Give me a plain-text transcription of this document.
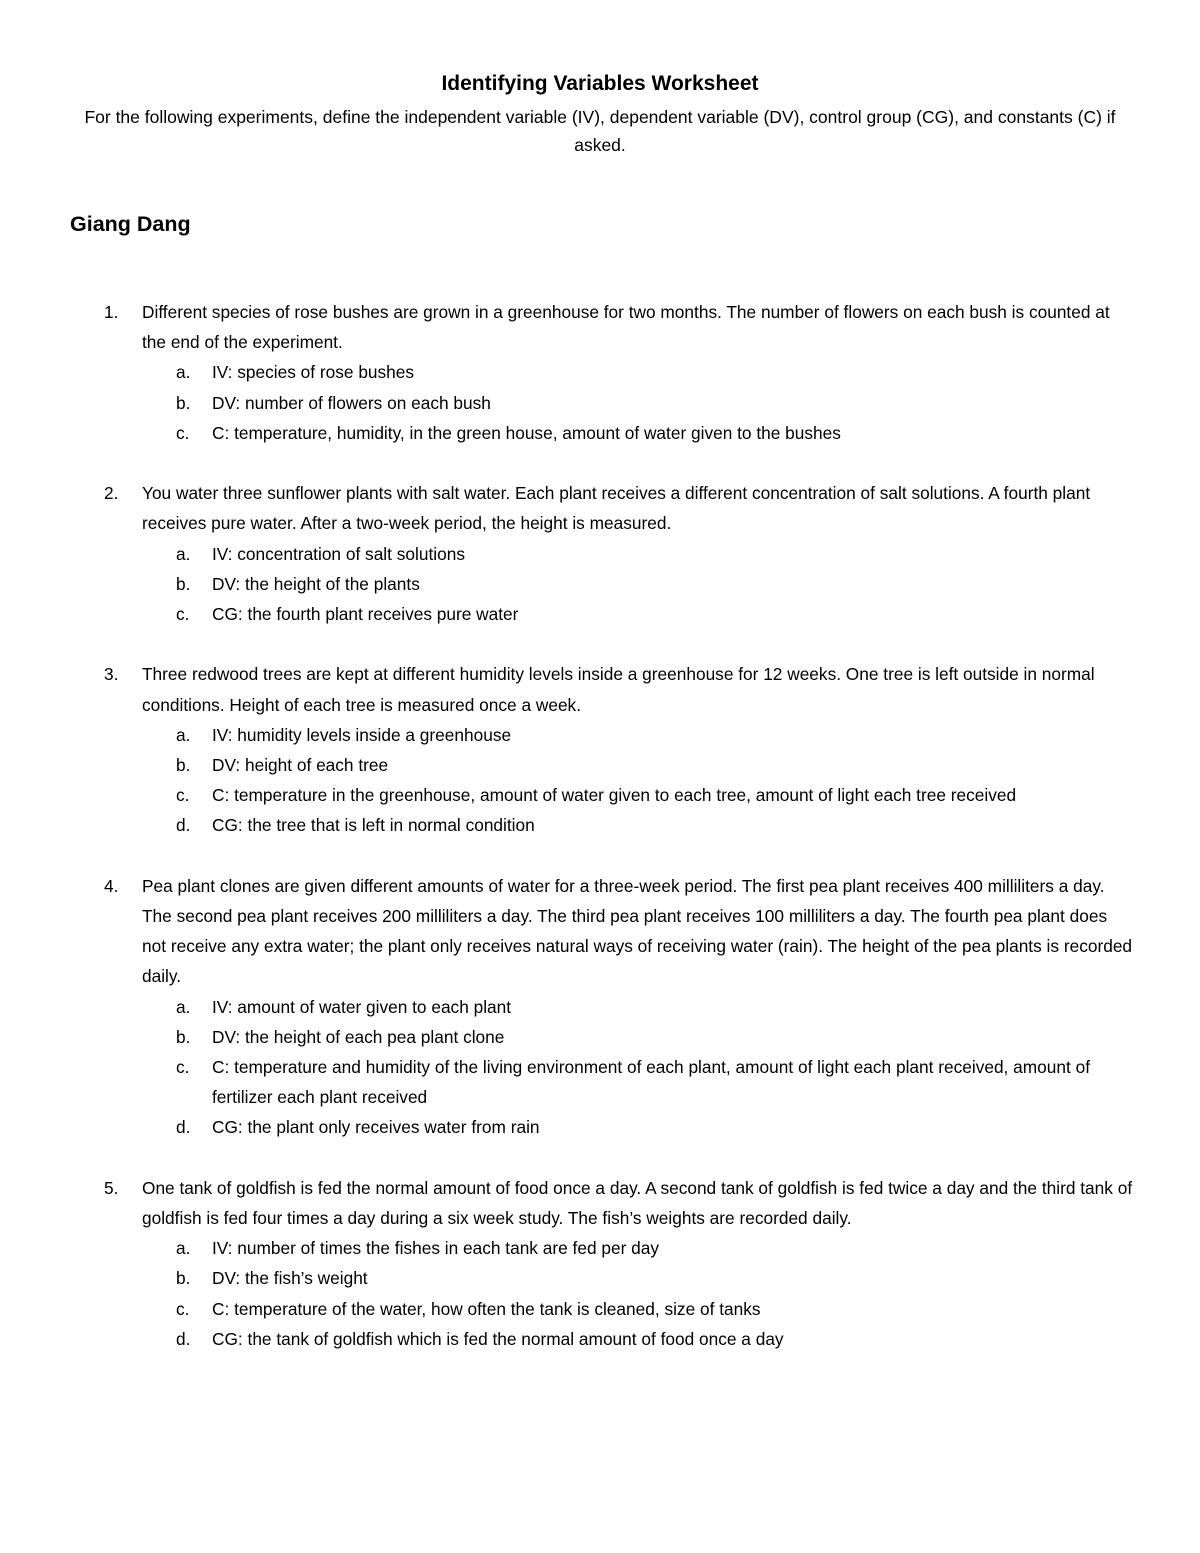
Identifying Variables Worksheet
For the following experiments, define the independent variable (IV), dependent variable (DV), control group (CG), and constants (C) if asked.
Giang Dang
1. Different species of rose bushes are grown in a greenhouse for two months. The number of flowers on each bush is counted at the end of the experiment.
a. IV: species of rose bushes
b. DV: number of flowers on each bush
c. C: temperature, humidity, in the green house, amount of water given to the bushes
2. You water three sunflower plants with salt water. Each plant receives a different concentration of salt solutions. A fourth plant receives pure water. After a two-week period, the height is measured.
a. IV: concentration of salt solutions
b. DV: the height of the plants
c. CG: the fourth plant receives pure water
3. Three redwood trees are kept at different humidity levels inside a greenhouse for 12 weeks. One tree is left outside in normal conditions. Height of each tree is measured once a week.
a. IV: humidity levels inside a greenhouse
b. DV: height of each tree
c. C: temperature in the greenhouse, amount of water given to each tree, amount of light each tree received
d. CG: the tree that is left in normal condition
4. Pea plant clones are given different amounts of water for a three-week period. The first pea plant receives 400 milliliters a day. The second pea plant receives 200 milliliters a day. The third pea plant receives 100 milliliters a day. The fourth pea plant does not receive any extra water; the plant only receives natural ways of receiving water (rain). The height of the pea plants is recorded daily.
a. IV: amount of water given to each plant
b. DV: the height of each pea plant clone
c. C: temperature and humidity of the living environment of each plant, amount of light each plant received, amount of fertilizer each plant received
d. CG: the plant only receives water from rain
5. One tank of goldfish is fed the normal amount of food once a day. A second tank of goldfish is fed twice a day and the third tank of goldfish is fed four times a day during a six week study. The fish’s weights are recorded daily.
a. IV: number of times the fishes in each tank are fed per day
b. DV: the fish’s weight
c. C: temperature of the water, how often the tank is cleaned, size of tanks
d. CG: the tank of goldfish which is fed the normal amount of food once a day
